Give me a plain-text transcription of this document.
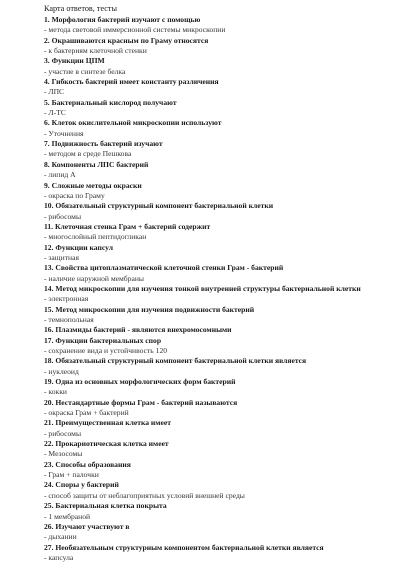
Карта ответов, тесты
1. Морфология бактерий изучают с помощью
- метода световой иммерсионной системы микроскопии
2. Окрашиваются красным по Граму относятся
- к бактериям клеточной стенки
3. Функции ЦПМ
- участие в синтезе белка
4. Гибкость бактерий имеет константу различения
- ЛПС
5. Бактериальный кислород получают
- Л-ТС
6. Клеток окислительной микроскопии используют
- Уточнения
7. Подвижность бактерий изучают
- методом в среде Пешкова
8. Компоненты ЛПС бактерий
- липид А
9. Сложные методы окраски
- окраска по Граму
10. Обязательный структурный компонент бактериальной клетки
- рибосомы
11. Клеточная стенка Грам + бактерий содержит
- многослойный пептидогликан
12. Функции капсул
- защитная
13. Свойства цитоплазматической клеточной стенки Грам - бактерий
- наличие наружной мембраны
14. Метод микроскопии для изучения тонкой внутренней структуры бактериальной клетки
- электронная
15. Метод микроскопии для изучения подвижности бактерий
- темнопольная
16. Плазмиды бактерий - являются внехромосомными
17. Функции бактериальных спор
- сохранение вида и устойчивость 120
18. Обязательный структурный компонент бактериальной клетки является
- нуклеоид
19. Одна из основных морфологических форм бактерий
- кокки
20. Нестандартные формы Грам - бактерий называются
- окраска Грам + бактерий
21. Преимущественная клетка имеет
- рибосомы
22. Прокариотическая клетка имеет
- Мезосомы
23. Способы образования
- Грам + палочки
24. Споры у бактерий
- способ защиты от неблагоприятных условий внешней среды
25. Бактериальная клетка покрыта
- 1 мембраной
26. Изучают участвуют в
- дыхании
27. Необязательным структурным компонентом бактериальной клетки является
- капсула
